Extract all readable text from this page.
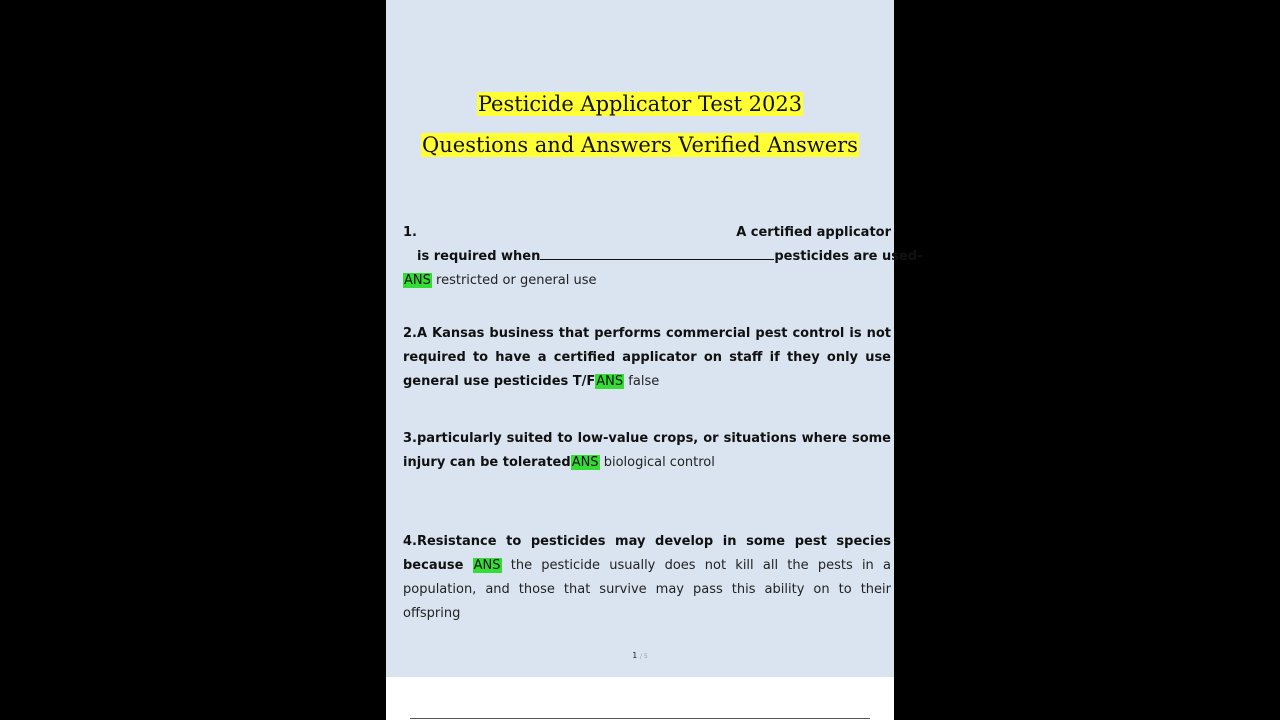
Pesticide Applicator Test 2023
Questions and Answers Verified Answers
1.	A certified applicator
is required when	pesticides are used-
ANS restricted or general use
2.A Kansas business that performs commercial pest control is not required to have a certified applicator on staff if they only use general use pesticides T/FANS false
3.particularly suited to low-value crops, or situations where some injury can be toleratedANS biological control
4.Resistance to pesticides may develop in some pest species because ANS the pesticide usually does not kill all the pests in a population, and those that survive may pass this ability on to their offspring
1 / 5
